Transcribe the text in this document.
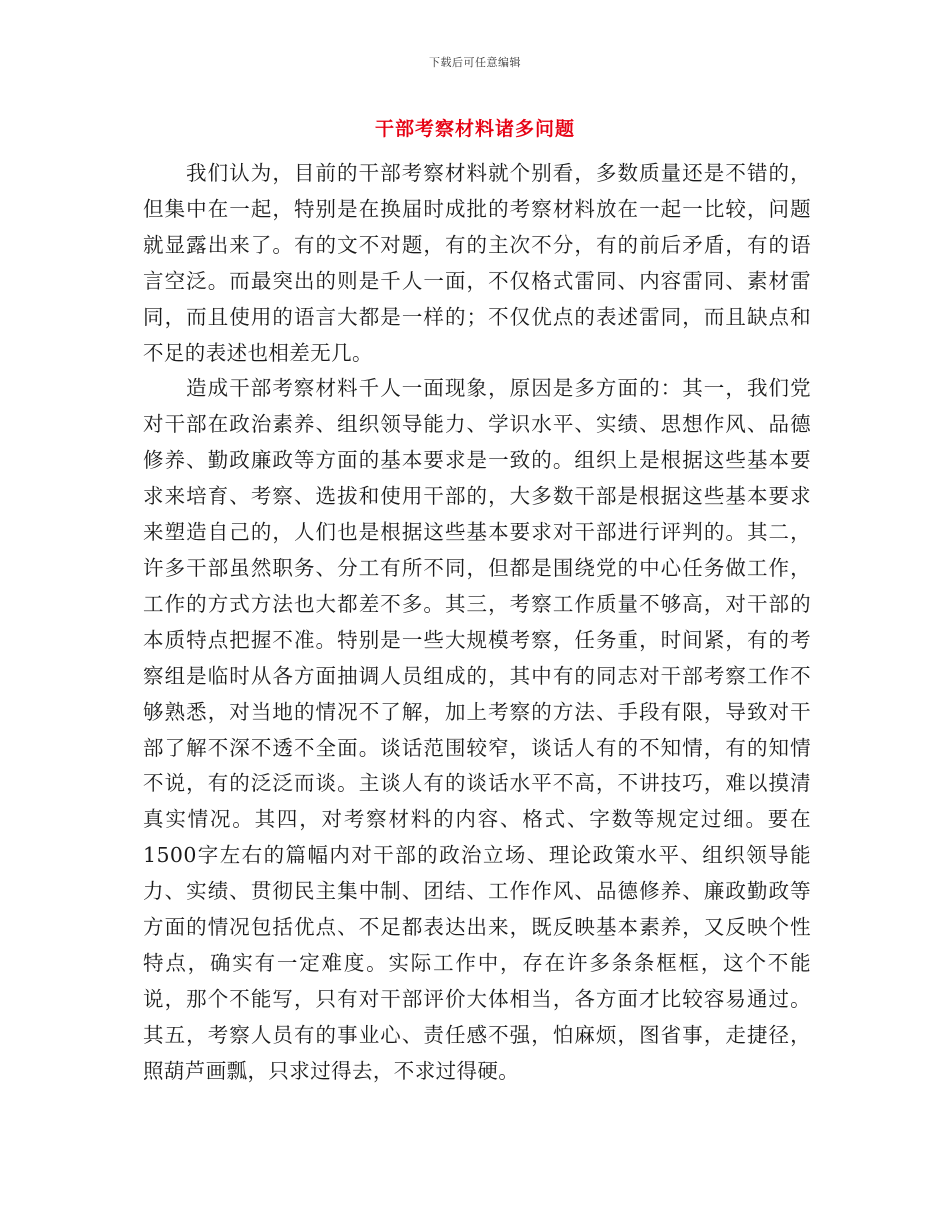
下载后可任意编辑
干部考察材料诸多问题

我们认为，目前的干部考察材料就个别看，多数质量还是不错的，但集中在一起，特别是在换届时成批的考察材料放在一起一比较，问题就显露出来了。有的文不对题，有的主次不分，有的前后矛盾，有的语言空泛。而最突出的则是千人一面，不仅格式雷同、内容雷同、素材雷同，而且使用的语言大都是一样的；不仅优点的表述雷同，而且缺点和不足的表述也相差无几。

造成干部考察材料千人一面现象，原因是多方面的：其一，我们党对干部在政治素养、组织领导能力、学识水平、实绩、思想作风、品德修养、勤政廉政等方面的基本要求是一致的。组织上是根据这些基本要求来培育、考察、选拔和使用干部的，大多数干部是根据这些基本要求来塑造自己的，人们也是根据这些基本要求对干部进行评判的。其二，许多干部虽然职务、分工有所不同，但都是围绕党的中心任务做工作，工作的方式方法也大都差不多。其三，考察工作质量不够高，对干部的本质特点把握不准。特别是一些大规模考察，任务重，时间紧，有的考察组是临时从各方面抽调人员组成的，其中有的同志对干部考察工作不够熟悉，对当地的情况不了解，加上考察的方法、手段有限，导致对干部了解不深不透不全面。谈话范围较窄，谈话人有的不知情，有的知情不说，有的泛泛而谈。主谈人有的谈话水平不高，不讲技巧，难以摸清真实情况。其四，对考察材料的内容、格式、字数等规定过细。要在1500字左右的篇幅内对干部的政治立场、理论政策水平、组织领导能力、实绩、贯彻民主集中制、团结、工作作风、品德修养、廉政勤政等方面的情况包括优点、不足都表达出来，既反映基本素养，又反映个性特点，确实有一定难度。实际工作中，存在许多条条框框，这个不能说，那个不能写，只有对干部评价大体相当，各方面才比较容易通过。其五，考察人员有的事业心、责任感不强，怕麻烦，图省事，走捷径，照葫芦画瓢，只求过得去，不求过得硬。
